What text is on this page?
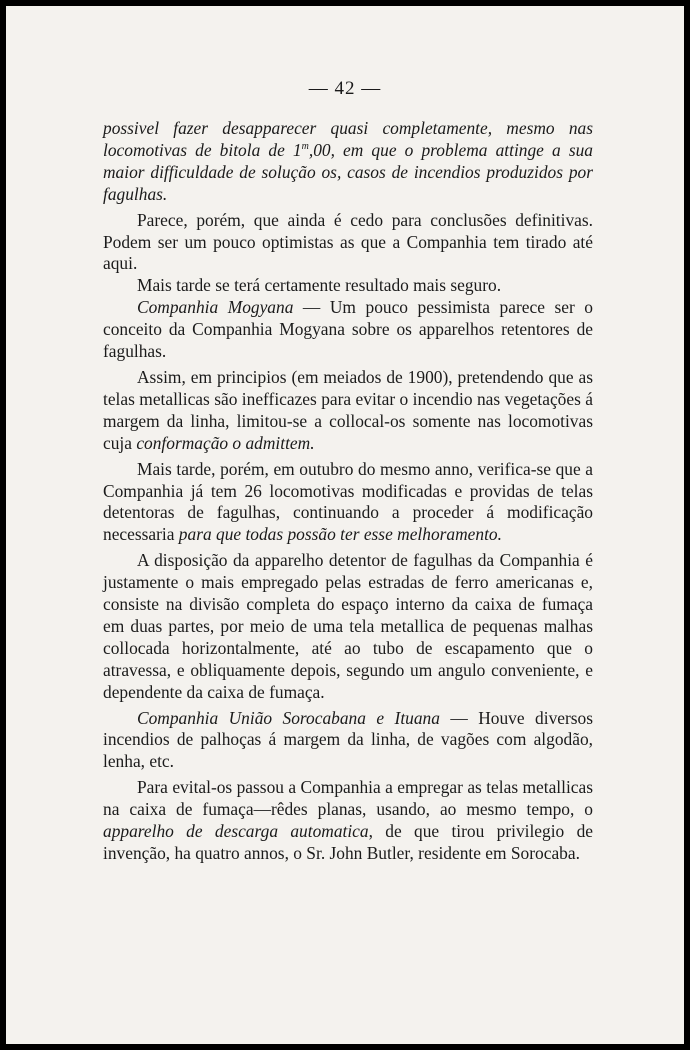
— 42 —

possivel fazer desapparecer quasi completamente, mesmo nas locomotivas de bitola de 1$^m$,00, em que o problema attinge a sua maior difficuldade de solução os, casos de incendios produzidos por fagulhas.

Parece, porém, que ainda é cedo para conclusões definitivas. Podem ser um pouco optimistas as que a Companhia tem tirado até aqui.

Mais tarde se terá certamente resultado mais seguro.

Companhia Mogyana — Um pouco pessimista parece ser o conceito da Companhia Mogyana sobre os apparelhos retentores de fagulhas.

Assim, em principios (em meiados de 1900), pretendendo que as telas metallicas são inefficazes para evitar o incendio nas vegetações á margem da linha, limitou-se a collocal-os somente nas locomotivas cuja conformação o admittem.

Mais tarde, porém, em outubro do mesmo anno, verifica-se que a Companhia já tem 26 locomotivas modificadas e providas de telas detentoras de fagulhas, continuando a proceder á modificação necessaria para que todas possão ter esse melhoramento.

A disposição da apparelho detentor de fagulhas da Companhia é justamente o mais empregado pelas estradas de ferro americanas e, consiste na divisão completa do espaço interno da caixa de fumaça em duas partes, por meio de uma tela metallica de pequenas malhas collocada horizontalmente, até ao tubo de escapamento que o atravessa, e obliquamente depois, segundo um angulo conveniente, e dependente da caixa de fumaça.

Companhia União Sorocabana e Ituana — Houve diversos incendios de palhoças á margem da linha, de vagões com algodão, lenha, etc.

Para evital-os passou a Companhia a empregar as telas metallicas na caixa de fumaça—rêdes planas, usando, ao mesmo tempo, o apparelho de descarga automatica, de que tirou privilegio de invenção, ha quatro annos, o Sr. John Butler, residente em Sorocaba.
